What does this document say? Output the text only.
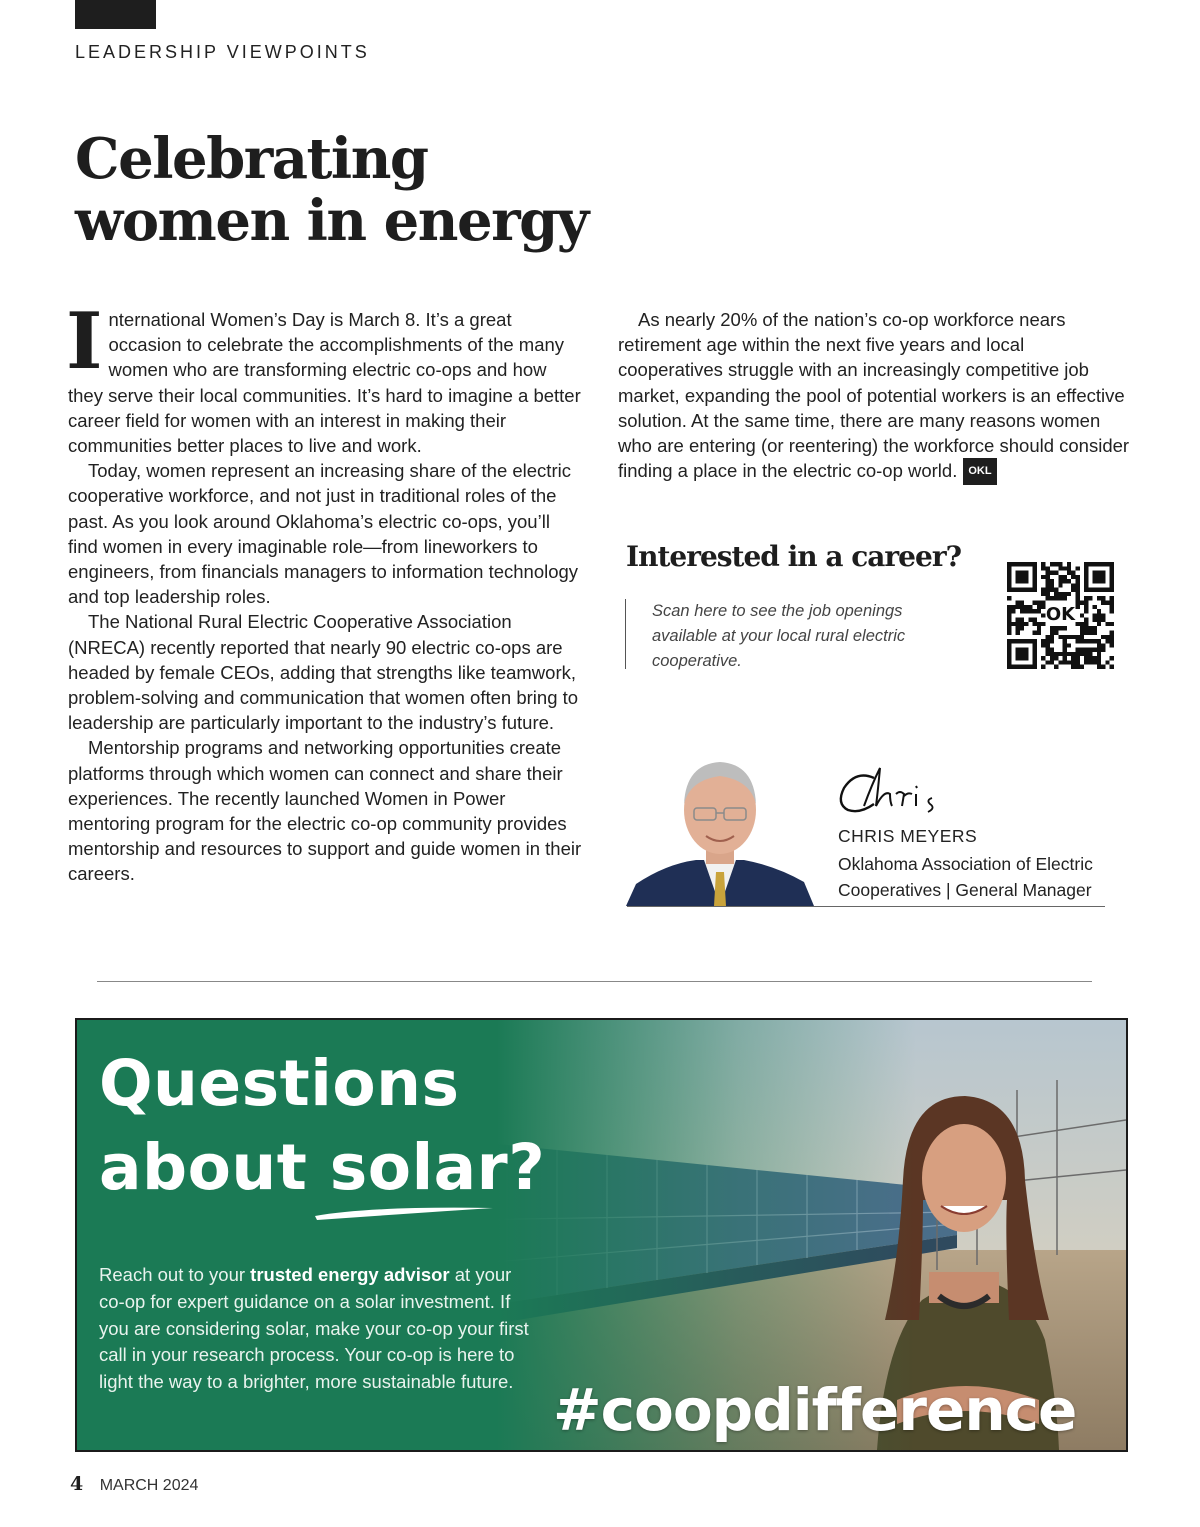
LEADERSHIP VIEWPOINTS
Celebrating
women in energy

International Women’s Day is March 8. It’s a great occasion to celebrate the accomplishments of the many women who are transforming electric co-ops and how they serve their local communities. It’s hard to imagine a better career field for women with an interest in making their communities better places to live and work.

Today, women represent an increasing share of the electric cooperative workforce, and not just in traditional roles of the past. As you look around Oklahoma’s electric co-ops, you’ll find women in every imaginable role—from lineworkers to engineers, from financials managers to information technology and top leadership roles.

The National Rural Electric Cooperative Association (NRECA) recently reported that nearly 90 electric co-ops are headed by female CEOs, adding that strengths like teamwork, problem-solving and communication that women often bring to leadership are particularly important to the industry’s future.

Mentorship programs and networking opportunities create platforms through which women can connect and share their experiences. The recently launched Women in Power mentoring program for the electric co-op community provides mentorship and resources to support and guide women in their careers.

As nearly 20% of the nation’s co-op workforce nears retirement age within the next five years and local cooperatives struggle with an increasingly competitive job market, expanding the pool of potential workers is an effective solution. At the same time, there are many reasons women who are entering (or reentering) the workforce should consider finding a place in the electric co-op world. OKL

Interested in a career?

Scan here to see the job openings available at your local rural electric cooperative.

OK
CHRIS MEYERS
Oklahoma Association of Electric
Cooperatives | General Manager
Questions
about solar?

Reach out to your trusted energy advisor at your co-op for expert guidance on a solar investment. If you are considering solar, make your co-op your first call in your research process. Your co-op is here to light the way to a brighter, more sustainable future. #coopdifference
4 MARCH 2024
